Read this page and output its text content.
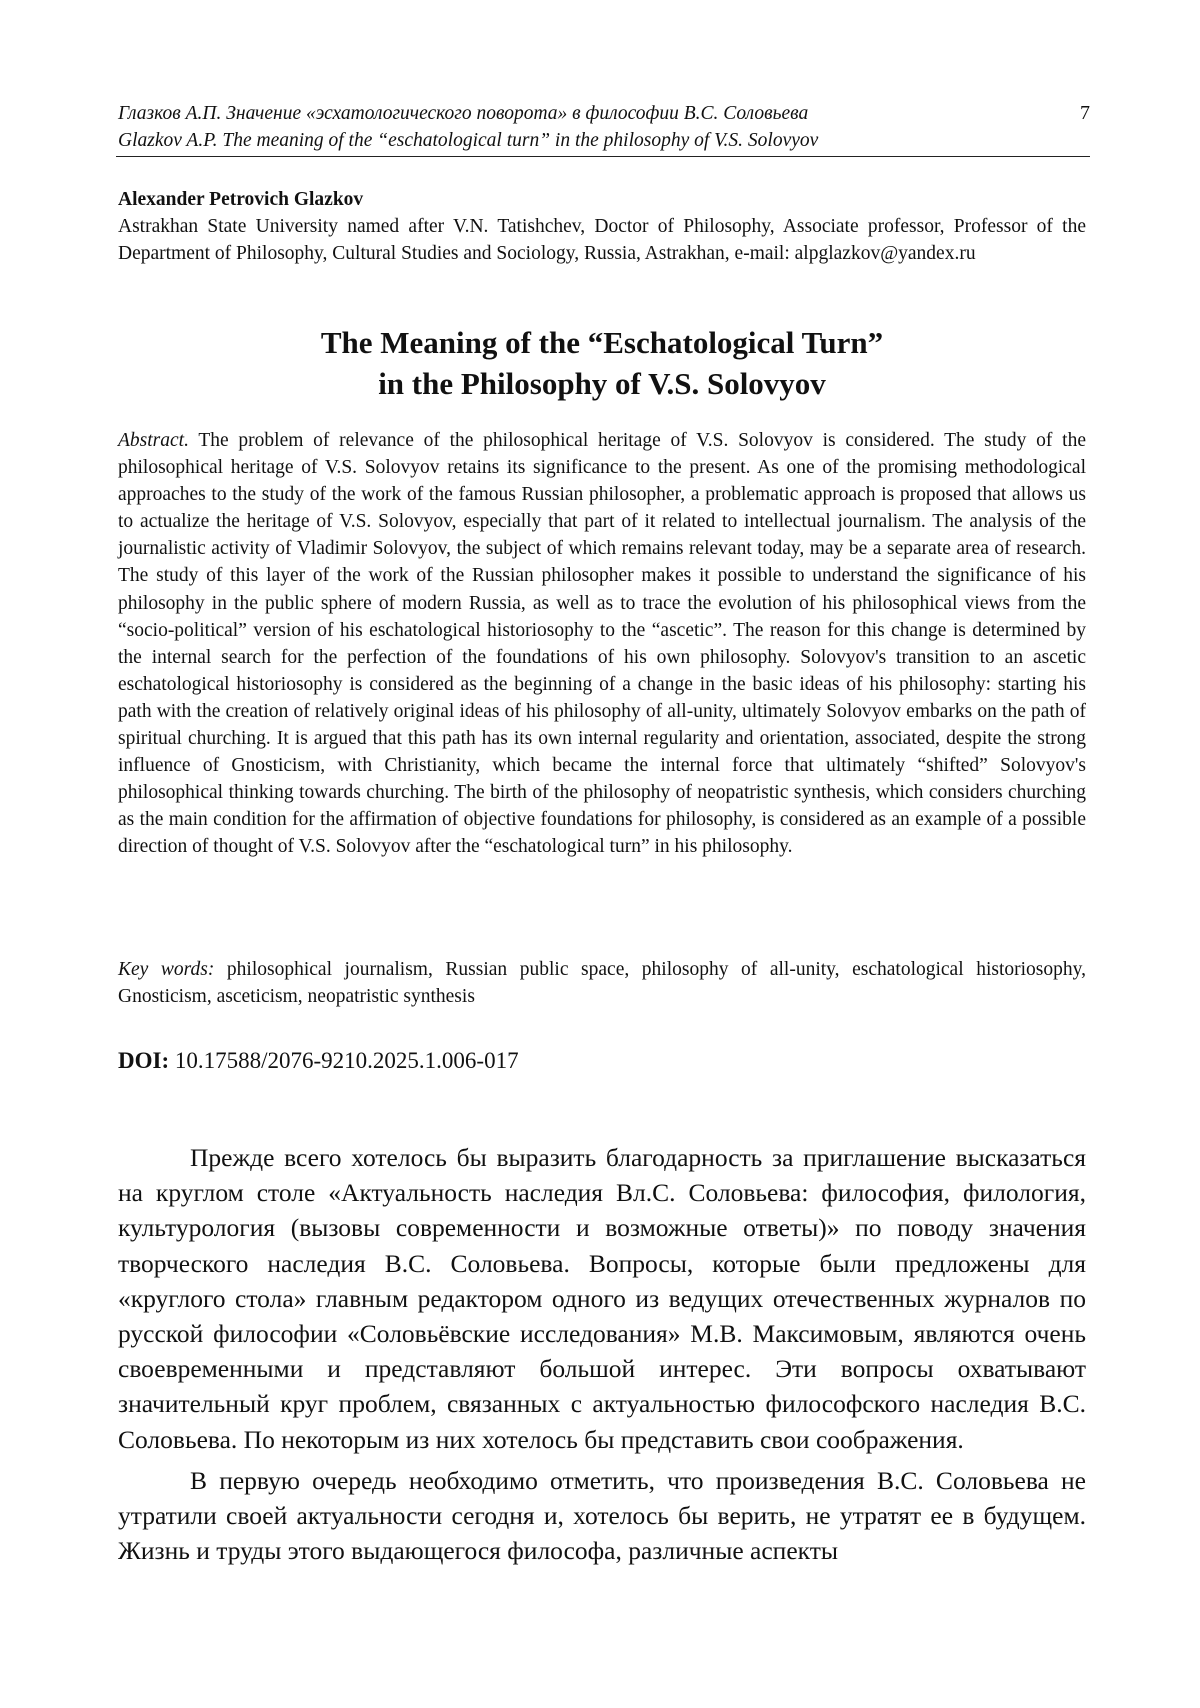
Глазков А.П. Значение «эсхатологического поворота» в философии В.С. Соловьева
Glazkov A.P. The meaning of the “eschatological turn” in the philosophy of V.S. Solovyov
7
Alexander Petrovich Glazkov
Astrakhan State University named after V.N. Tatishchev, Doctor of Philosophy, Associate professor, Professor of the Department of Philosophy, Cultural Studies and Sociology, Russia, Astrakhan, e-mail: alpglazkov@yandex.ru
The Meaning of the “Eschatological Turn”
in the Philosophy of V.S. Solovyov
Abstract. The problem of relevance of the philosophical heritage of V.S. Solovyov is considered. The study of the philosophical heritage of V.S. Solovyov retains its significance to the present. As one of the promising methodological approaches to the study of the work of the famous Russian philosopher, a problematic approach is proposed that allows us to actualize the heritage of V.S. Solovyov, especially that part of it related to intellectual journalism. The analysis of the journalistic activity of Vladimir Solovyov, the subject of which remains relevant today, may be a separate area of research. The study of this layer of the work of the Russian philosopher makes it possible to understand the significance of his philosophy in the public sphere of modern Russia, as well as to trace the evolution of his philosophical views from the “socio-political” version of his eschatological historiosophy to the “ascetic”. The reason for this change is determined by the internal search for the perfection of the foundations of his own philosophy. Solovyov's transition to an ascetic eschatological historiosophy is considered as the beginning of a change in the basic ideas of his philosophy: starting his path with the creation of relatively original ideas of his philosophy of all-unity, ultimately Solovyov embarks on the path of spiritual churching. It is argued that this path has its own internal regularity and orientation, associated, despite the strong influence of Gnosticism, with Christianity, which became the internal force that ultimately “shifted” Solovyov's philosophical thinking towards churching. The birth of the philosophy of neopatristic synthesis, which considers churching as the main condition for the affirmation of objective foundations for philosophy, is considered as an example of a possible direction of thought of V.S. Solovyov after the “eschatological turn” in his philosophy.
Key words: philosophical journalism, Russian public space, philosophy of all-unity, eschatological historiosophy, Gnosticism, asceticism, neopatristic synthesis
DOI: 10.17588/2076-9210.2025.1.006-017

Прежде всего хотелось бы выразить благодарность за приглашение высказаться на круглом столе «Актуальность наследия Вл.С. Соловьева: философия, филология, культурология (вызовы современности и возможные ответы)» по поводу значения творческого наследия В.С. Соловьева. Вопросы, которые были предложены для «круглого стола» главным редактором одного из ведущих отечественных журналов по русской философии «Соловьёвские исследования» М.В. Максимовым, являются очень своевременными и представляют большой интерес. Эти вопросы охватывают значительный круг проблем, связанных с актуальностью философского наследия В.С. Соловьева. По некоторым из них хотелось бы представить свои соображения.

В первую очередь необходимо отметить, что произведения В.С. Соловьева не утратили своей актуальности сегодня и, хотелось бы верить, не утратят ее в будущем. Жизнь и труды этого выдающегося философа, различные аспекты
